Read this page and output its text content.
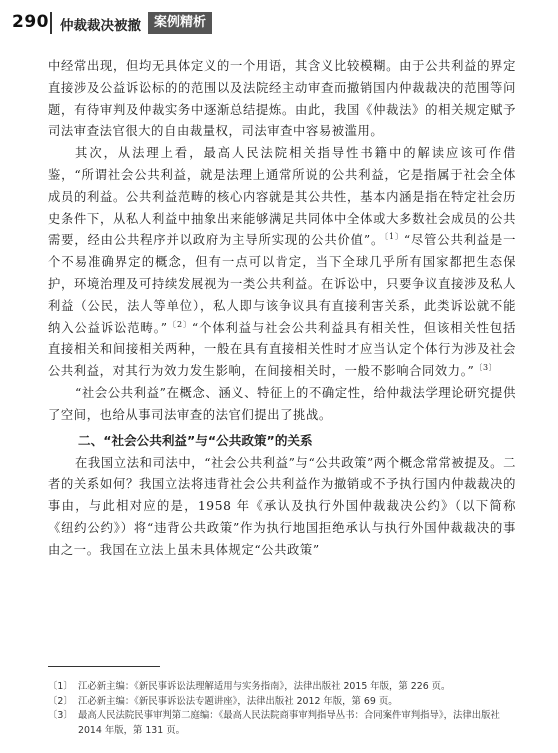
290 仲裁裁决被撤	案例精析

中经常出现，但均无具体定义的一个用语，其含义比较模糊。由于公共利益的界定直接涉及公益诉讼标的的范围以及法院经主动审查而撤销国内仲裁裁决的范围等问题，有待审判及仲裁实务中逐渐总结提炼。由此，我国《仲裁法》的相关规定赋予司法审查法官很大的自由裁量权，司法审查中容易被滥用。

其次，从法理上看，最高人民法院相关指导性书籍中的解读应该可作借鉴，“所谓社会公共利益，就是法理上通常所说的公共利益，它是指属于社会全体成员的利益。公共利益范畴的核心内容就是其公共性，基本内涵是指在特定社会历史条件下，从私人利益中抽象出来能够满足共同体中全体或大多数社会成员的公共需要，经由公共程序并以政府为主导所实现的公共价值”。$^{〔1〕}$“尽管公共利益是一个不易准确界定的概念，但有一点可以肯定，当下全球几乎所有国家都把生态保护，环境治理及可持续发展视为一类公共利益。在诉讼中，只要争议直接涉及私人利益（公民，法人等单位），私人即与该争议具有直接利害关系，此类诉讼就不能纳入公益诉讼范畴。”$^{〔2〕}$“个体利益与社会公共利益具有相关性，但该相关性包括直接相关和间接相关两种，一般在具有直接相关性时才应当认定个体行为涉及社会公共利益，对其行为效力发生影响，在间接相关时，一般不影响合同效力。”$^{〔3〕}$

“社会公共利益”在概念、涵义、特征上的不确定性，给仲裁法学理论研究提供了空间，也给从事司法审查的法官们提出了挑战。

二、“社会公共利益”与“公共政策”的关系

在我国立法和司法中，“社会公共利益”与“公共政策”两个概念常常被提及。二者的关系如何？我国立法将违背社会公共利益作为撤销或不予执行国内仲裁裁决的事由，与此相对应的是，1958 年《承认及执行外国仲裁裁决公约》（以下简称《纽约公约》）将“违背公共政策”作为执行地国拒绝承认与执行外国仲裁裁决的事由之一。我国在立法上虽未具体规定“公共政策”

〔1〕 江必新主编：《新民事诉讼法理解适用与实务指南》，法律出版社 2015 年版，第 226 页。

〔2〕 江必新主编：《新民事诉讼法专题讲座》，法律出版社 2012 年版，第 69 页。

〔3〕 最高人民法院民事审判第二庭编：《最高人民法院商事审判指导丛书：合同案件审判指导》，法律出版社 2014 年版，第 131 页。
